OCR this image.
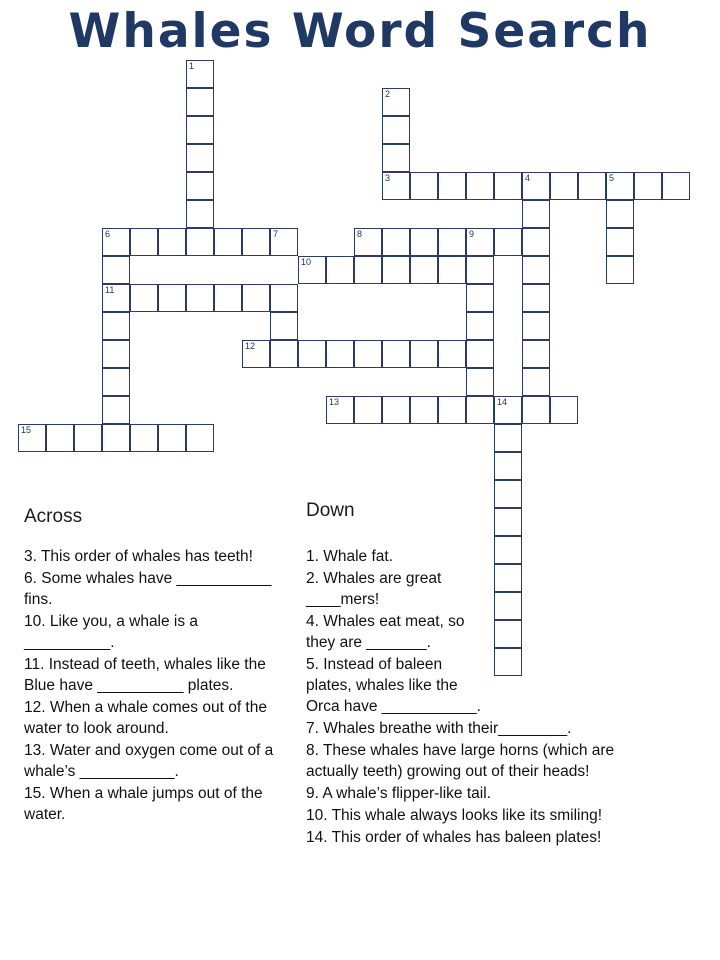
Whales Word Search
1
2
3	4	5
6	7	8	9
10
11
12
13	14
15
Across	Down

3. This order of whales has teeth!

6. Some whales have ___________ fins.

10. Like you, a whale is a __________.

11. Instead of teeth, whales like the Blue have __________ plates.

12. When a whale comes out of the water to look around.

13. Water and oxygen come out of a whale’s ___________.

15. When a whale jumps out of the water.

1. Whale fat.

2. Whales are great ____mers!

4. Whales eat meat, so they are _______.

5. Instead of baleen plates, whales like the Orca have ___________.

7. Whales breathe with their________.

8. These whales have large horns (which are actually teeth) growing out of their heads!

9. A whale’s flipper-like tail.

10. This whale always looks like its smiling!

14. This order of whales has baleen plates!
